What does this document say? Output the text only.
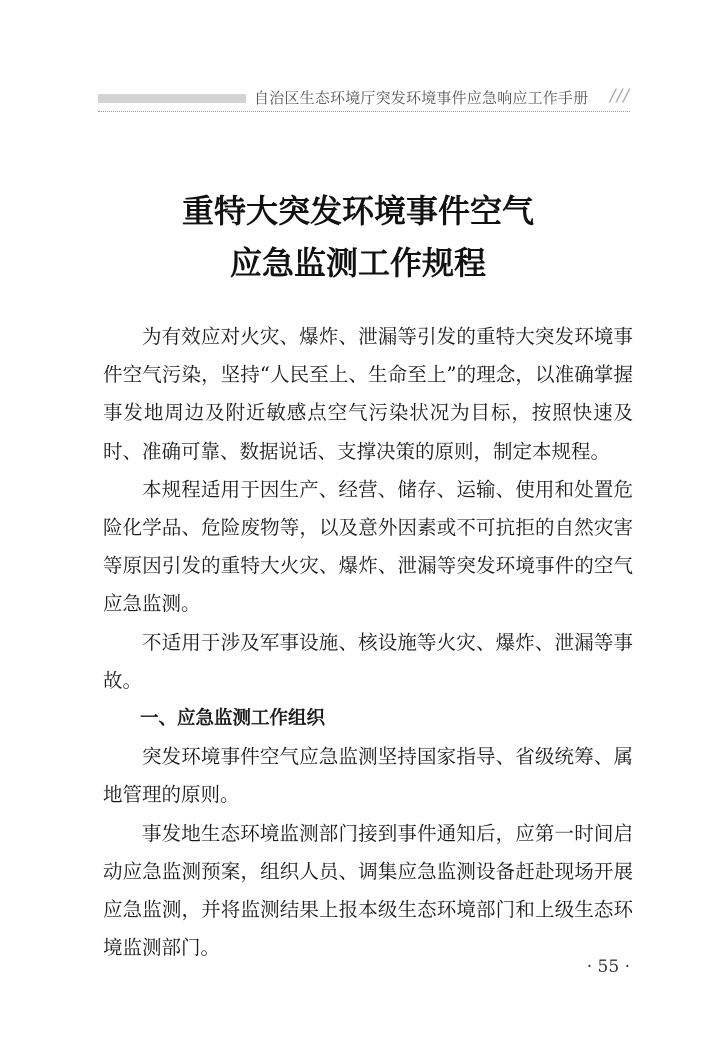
自治区生态环境厅突发环境事件应急响应工作手册 ///
重特大突发环境事件空气
应急监测工作规程

为有效应对火灾、爆炸、泄漏等引发的重特大突发环境事件空气污染，坚持“人民至上、生命至上”的理念，以准确掌握事发地周边及附近敏感点空气污染状况为目标，按照快速及时、准确可靠、数据说话、支撑决策的原则，制定本规程。

本规程适用于因生产、经营、储存、运输、使用和处置危险化学品、危险废物等，以及意外因素或不可抗拒的自然灾害等原因引发的重特大火灾、爆炸、泄漏等突发环境事件的空气应急监测。

不适用于涉及军事设施、核设施等火灾、爆炸、泄漏等事故。

一、应急监测工作组织

突发环境事件空气应急监测坚持国家指导、省级统筹、属地管理的原则。

事发地生态环境监测部门接到事件通知后，应第一时间启动应急监测预案，组织人员、调集应急监测设备赶赴现场开展应急监测，并将监测结果上报本级生态环境部门和上级生态环境监测部门。

· 55 ·
